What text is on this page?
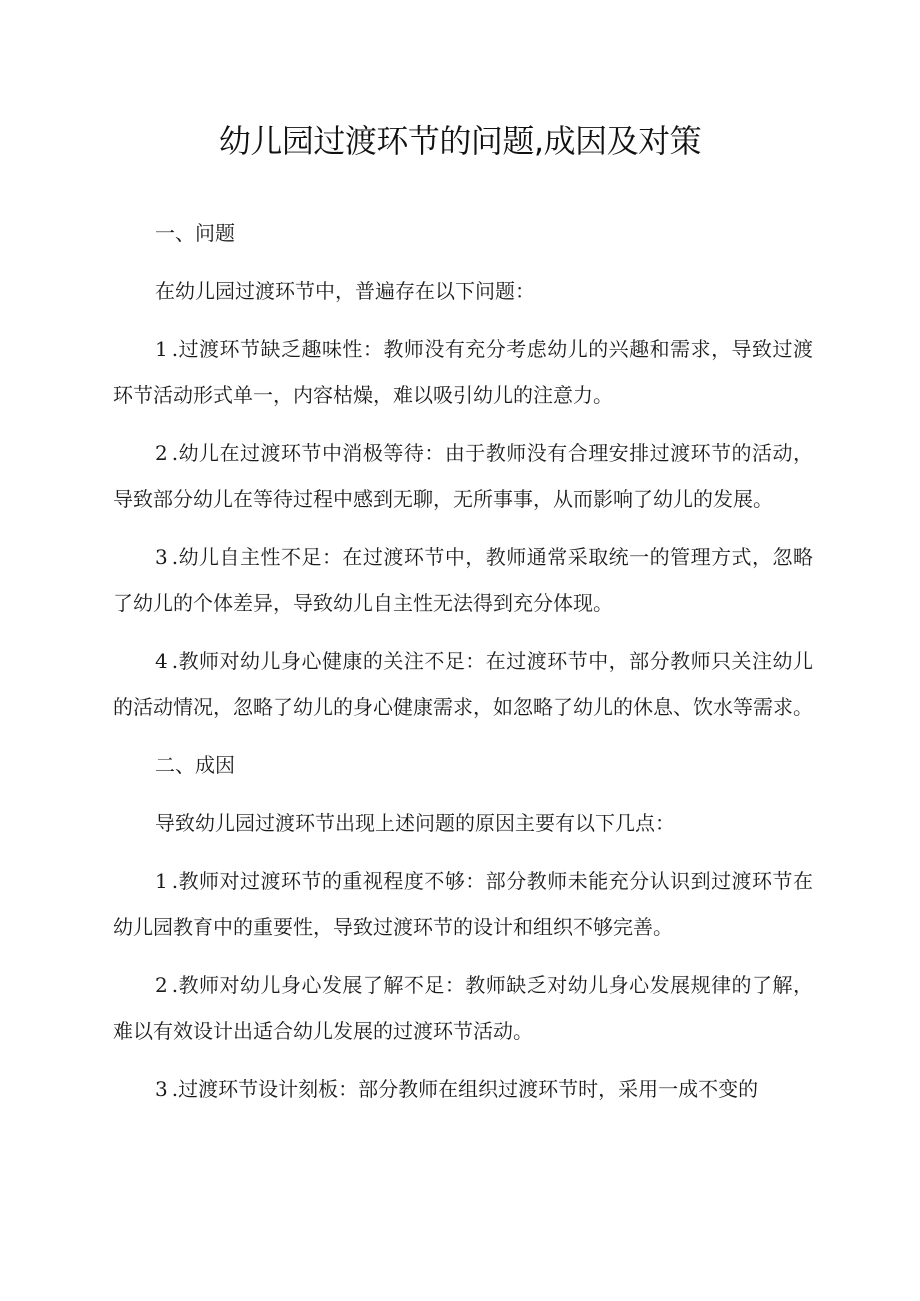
幼儿园过渡环节的问题,成因及对策

一、问题

在幼儿园过渡环节中，普遍存在以下问题：

1.过渡环节缺乏趣味性：教师没有充分考虑幼儿的兴趣和需求，导致过渡环节活动形式单一，内容枯燥，难以吸引幼儿的注意力。

2.幼儿在过渡环节中消极等待：由于教师没有合理安排过渡环节的活动，导致部分幼儿在等待过程中感到无聊，无所事事，从而影响了幼儿的发展。

3.幼儿自主性不足：在过渡环节中，教师通常采取统一的管理方式，忽略了幼儿的个体差异，导致幼儿自主性无法得到充分体现。

4.教师对幼儿身心健康的关注不足：在过渡环节中，部分教师只关注幼儿的活动情况，忽略了幼儿的身心健康需求，如忽略了幼儿的休息、饮水等需求。

二、成因

导致幼儿园过渡环节出现上述问题的原因主要有以下几点：

1.教师对过渡环节的重视程度不够：部分教师未能充分认识到过渡环节在幼儿园教育中的重要性，导致过渡环节的设计和组织不够完善。

2.教师对幼儿身心发展了解不足：教师缺乏对幼儿身心发展规律的了解，难以有效设计出适合幼儿发展的过渡环节活动。

3.过渡环节设计刻板：部分教师在组织过渡环节时，采用一成不变的
